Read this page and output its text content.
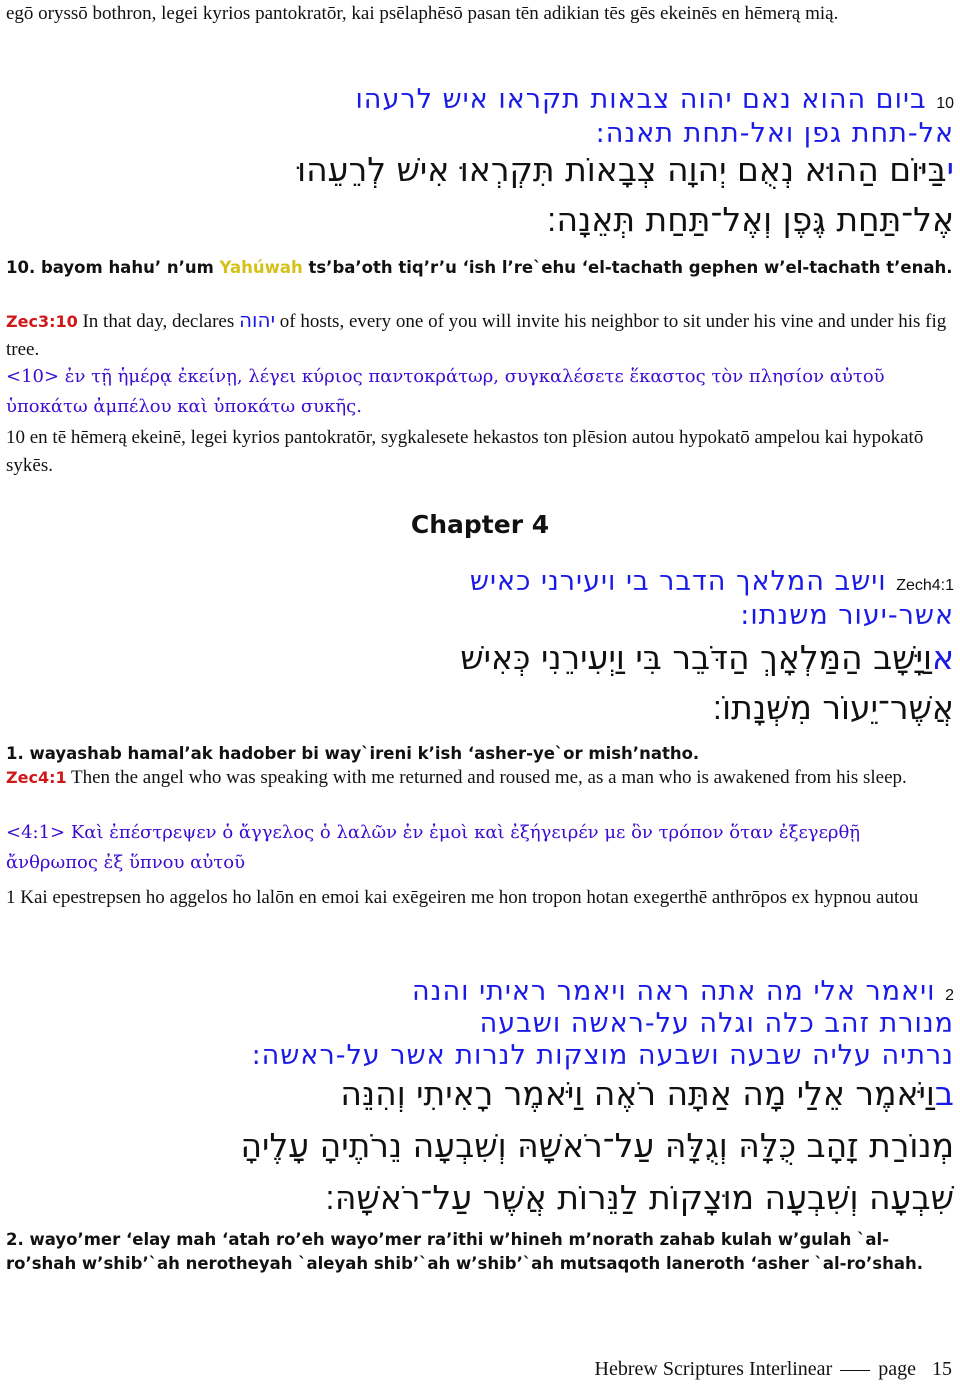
egō oryssō bothron, legei kyrios pantokratōr, kai psēlaphēsō pasan tēn adikian tēs gēs ekeinēs en hēmerą mią.
10 ביום ההוא נאם יהוה צבאות תקראו איש לרעהו
אל-תחת גפן ואל-תחת תאנה:
יבַּיּוֹם הַהוּא נְאֻם יְהוָה צְבָאוֹת תִּקְרְאוּ אִישׁ לְרֵעֵהוּ
אֶל־תַּחַת גֶּפֶן וְאֶל־תַּחַת תְּאֵנָה׃
10. bayom hahu’ n’um Yahúwah ts’ba’oth tiq’r’u ‘ish l’re`ehu ‘el-tachath gephen w’el-tachath t’enah.
Zec3:10 In that day, declares יהוה of hosts, every one of you will invite his neighbor to sit under his vine and under his fig tree.
<10> ἐν τῇ ἡμέρᾳ ἐκείνῃ, λέγει κύριος παντοκράτωρ, συγκαλέσετε ἕκαστος τὸν πλησίον αὐτοῦ ὑποκάτω ἀμπέλου καὶ ὑποκάτω συκῆς.
10 en tē hēmerą ekeinē, legei kyrios pantokratōr, sygkalesete hekastos ton plēsion autou hypokatō ampelou kai hypokatō sykēs.
Chapter 4
Zech4:1 וישב המלאך הדבר בי ויעירני כאיש
אשר-יעור משנתו:
אוַיָּשָׁב הַמַּלְאָךְ הַדֹּבֵר בִּי וַיְעִירֵנִי כְּאִישׁ
אֲשֶׁר־יֵעוֹר מִשְּׁנָתוֹ׃
1. wayashab hamal’ak hadober bi way`ireni k’ish ‘asher-ye`or mish’natho.
Zec4:1 Then the angel who was speaking with me returned and roused me, as a man who is awakened from his sleep.
<4:1> Καὶ ἐπέστρεψεν ὁ ἄγγελος ὁ λαλῶν ἐν ἐμοὶ καὶ ἐξήγειρέν με ὃν τρόπον ὅταν ἐξεγερθῇ ἄνθρωπος ἐξ ὕπνου αὐτοῦ
1 Kai epestrepsen ho aggelos ho lalōn en emoi kai exēgeiren me hon tropon hotan exegerthē anthrōpos ex hypnou autou
2 ויאמר אלי מה אתה ראה ויאמר ראיתי והנה
מנורת זהב כלה וגלה על-ראשה ושבעה
נרתיה עליה שבעה ושבעה מוצקות לנרות אשר על-ראשה:
בוַיֹּאמֶר אֵלַי מָה אַתָּה רֹאֶה וַיֹּאמֶר רָאִיתִי וְהִנֵּה
מְנוֹרַת זָהָב כֻּלָּהּ וְגֻלָּהּ עַל־רֹאשָׁהּ וְשִׁבְעָה נֵרֹתֶיהָ עָלֶיהָ
שִׁבְעָה וְשִׁבְעָה מוּצָקוֹת לַנֵּרוֹת אֲשֶׁר עַל־רֹאשָׁהּ׃
2. wayo’mer ‘elay mah ‘atah ro’eh wayo’mer ra’ithi w’hineh m’norath zahab kulah w’gulah `al-ro’shah w’shib’`ah nerotheyah `aleyah shib’`ah w’shib’`ah mutsaqoth laneroth ‘asher `al-ro’shah.
Hebrew Scriptures Interlinear page 15
